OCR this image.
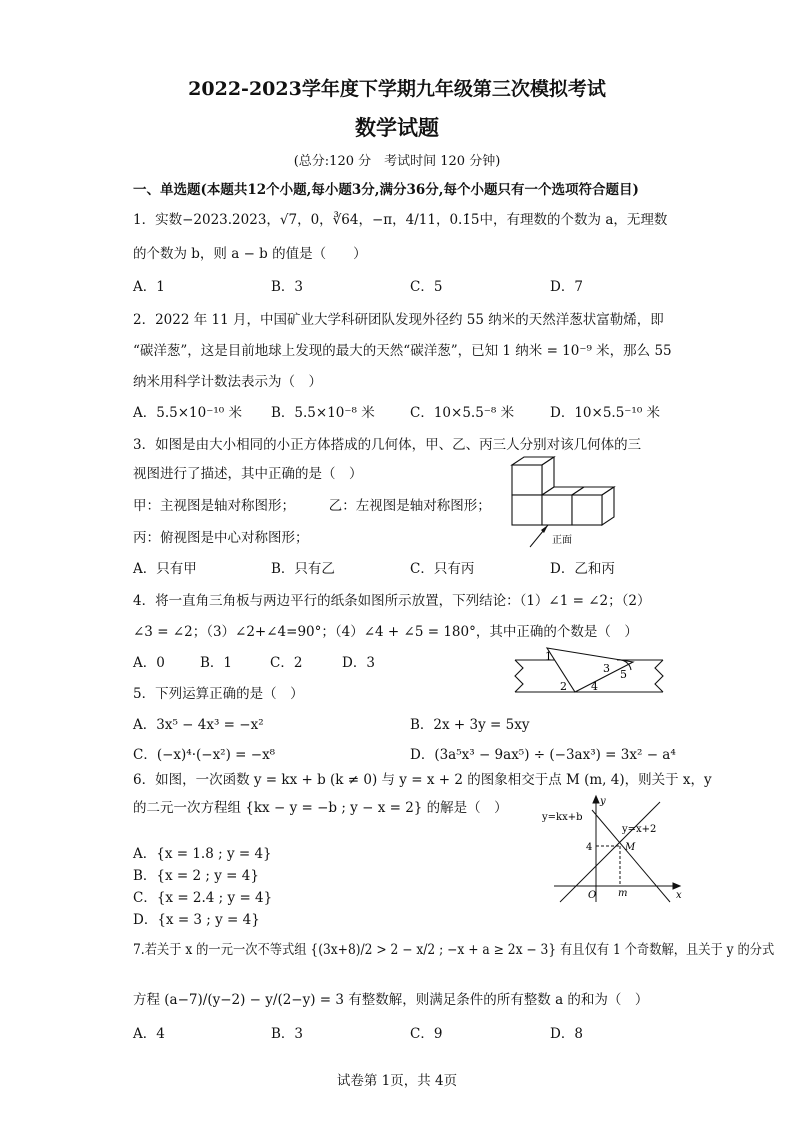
2022-2023学年度下学期九年级第三次模拟考试
数学试题
(总分:120 分　考试时间 120 分钟)
一、单选题(本题共12个小题,每小题3分,满分36分,每个小题只有一个选项符合题目)
1．实数−2023.2023，√7，0，∛64，−π，4/11，0.1̇5̇中，有理数的个数为 a，无理数
的个数为 b，则 a − b 的值是（　　）
A．1	B．3	C．5	D．7
2．2022 年 11 月，中国矿业大学科研团队发现外径约 55 纳米的天然洋葱状富勒烯，即
“碳洋葱”，这是目前地球上发现的最大的天然“碳洋葱”，已知 1 纳米 = 10⁻⁹ 米，那么 55
纳米用科学计数法表示为（　）
A．5.5×10⁻¹⁰ 米 B．5.5×10⁻⁸ 米	C．10×5.5⁻⁸ 米	D．10×5.5⁻¹⁰ 米
3．如图是由大小相同的小正方体搭成的几何体，甲、乙、丙三人分别对该几何体的三
视图进行了描述，其中正确的是（　）
甲：主视图是轴对称图形；　　　乙：左视图是轴对称图形；
丙：俯视图是中心对称图形；
A．只有甲	B．只有乙	C．只有丙	D．乙和丙
正面
4．将一直角三角板与两边平行的纸条如图所示放置，下列结论：（1）∠1 = ∠2；（2）
∠3 = ∠2；（3）∠2+∠4=90°；（4）∠4 + ∠5 = 180°，其中正确的个数是（　）
A．0	B．1	C．2	D．3	1
2
3
4
5
5．下列运算正确的是（　）
A．3x⁵ − 4x³ = −x²	B．2x + 3y = 5xy
C．(−x)⁴·(−x²) = −x⁸	D．(3a⁵x³ − 9ax⁵) ÷ (−3ax³) = 3x² − a⁴
6．如图，一次函数 y = kx + b (k ≠ 0) 与 y = x + 2 的图象相交于点 M (m, 4)，则关于 x，y
的二元一次方程组 {kx − y = −b ; y − x = 2} 的解是（　）
A．{x = 1.8 ; y = 4}
B．{x = 2 ; y = 4}
C．{x = 2.4 ; y = 4}
D．{x = 3 ; y = 4}
y
x
y=kx+b
y=x+2
4	M
O m
7.若关于 x 的一元一次不等式组 {(3x+8)/2 > 2 − x/2 ; −x + a ≥ 2x − 3} 有且仅有 1 个奇数解，且关于 y 的分式
方程 (a−7)/(y−2) − y/(2−y) = 3 有整数解，则满足条件的所有整数 a 的和为（　）
A．4	B．3	C．9	D．8
试卷第 1页，共 4页
